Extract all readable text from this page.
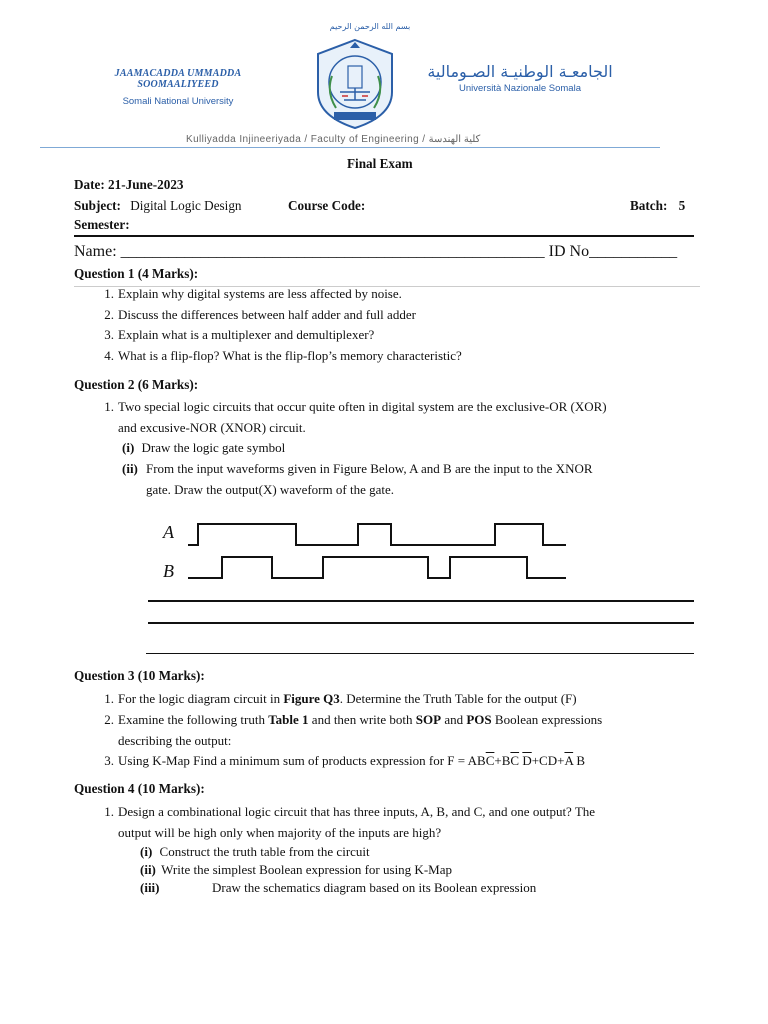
بسم الله الرحمن الرحيم
JAAMACADDA UMMADDA SOOMAALIYEED
Somali National University
الجامعـة الوطنيـة الصـومالية
Università Nazionale Somala
Kulliyadda Injineeriyada / Faculty of Engineering / كلية الهندسة
Final Exam
Date: 21-June-2023
Subject: Digital Logic Design	Course Code:	Batch: 5
Semester:
Name: _____________________________________________________ ID No___________
Question 1 (4 Marks):
1. Explain why digital systems are less affected by noise.
2. Discuss the differences between half adder and full adder
3. Explain what is a multiplexer and demultiplexer?
4. What is a flip-flop? What is the flip-flop’s memory characteristic?
Question 2 (6 Marks):
1. Two special logic circuits that occur quite often in digital system are the exclusive-OR (XOR)
and excusive-NOR (XNOR) circuit.
(i) Draw the logic gate symbol
(ii) From the input waveforms given in Figure Below, A and B are the input to the XNOR
gate. Draw the output(X) waveform of the gate.
A
B
Question 3 (10 Marks):
1. For the logic diagram circuit in Figure Q3. Determine the Truth Table for the output (F)
2. Examine the following truth Table 1 and then write both SOP and POS Boolean expressions
describing the output:
3. Using K-Map Find a minimum sum of products expression for $F = AB\overline{C}+B\overline{C}$ $\overline{D}+CD+\overline{A}$ B
Question 4 (10 Marks):
1. Design a combinational logic circuit that has three inputs, A, B, and C, and one output? The
output will be high only when majority of the inputs are high?
(i) Construct the truth table from the circuit
(ii) Write the simplest Boolean expression for using K-Map
(iii)	Draw the schematics diagram based on its Boolean expression
